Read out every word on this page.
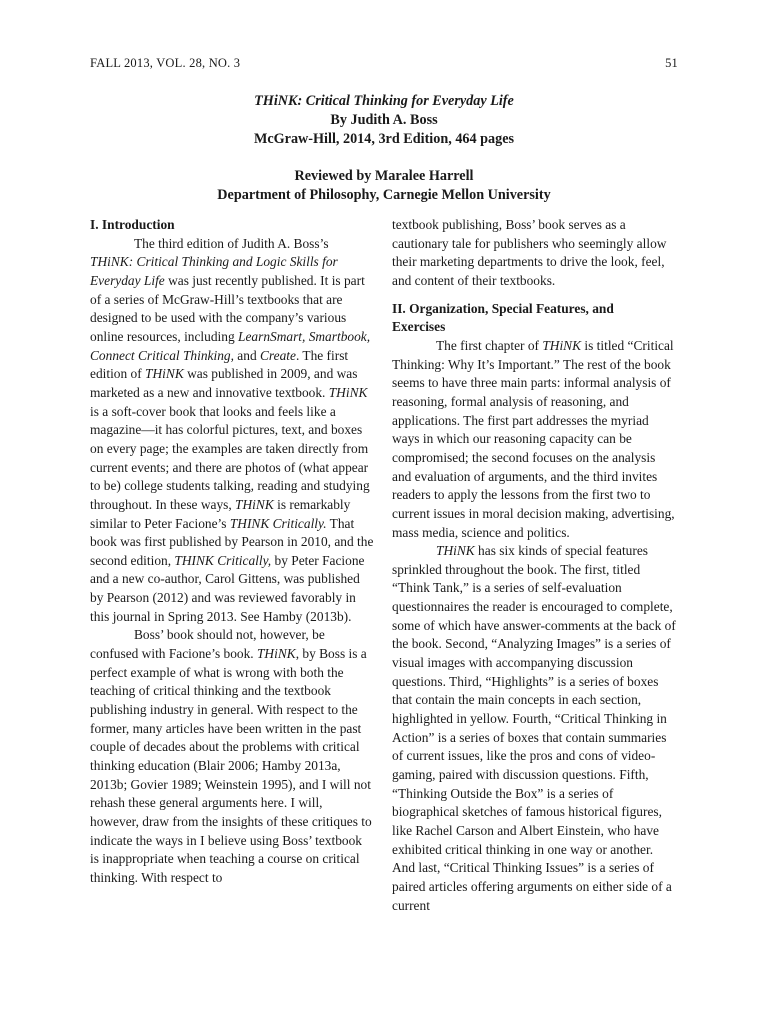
FALL 2013, VOL. 28, NO. 3	51
THiNK: Critical Thinking for Everyday Life
By Judith A. Boss
McGraw-Hill, 2014, 3rd Edition, 464 pages
Reviewed by Maralee Harrell
Department of Philosophy, Carnegie Mellon University

I. Introduction

The third edition of Judith A. Boss’s THiNK: Critical Thinking and Logic Skills for Everyday Life was just recently published. It is part of a series of McGraw-Hill’s textbooks that are designed to be used with the company’s various online resources, including LearnSmart, Smartbook, Connect Critical Thinking, and Create. The first edition of THiNK was published in 2009, and was marketed as a new and innovative textbook. THiNK is a soft-cover book that looks and feels like a magazine—it has colorful pictures, text, and boxes on every page; the examples are taken directly from current events; and there are photos of (what appear to be) college students talking, reading and studying throughout. In these ways, THiNK is remarkably similar to Peter Facione’s THINK Critically. That book was first published by Pearson in 2010, and the second edition, THINK Critically, by Peter Facione and a new co-author, Carol Gittens, was published by Pearson (2012) and was reviewed favorably in this journal in Spring 2013. See Hamby (2013b).

Boss’ book should not, however, be confused with Facione’s book. THiNK, by Boss is a perfect example of what is wrong with both the teaching of critical thinking and the textbook publishing industry in general. With respect to the former, many articles have been written in the past couple of decades about the problems with critical thinking education (Blair 2006; Hamby 2013a, 2013b; Govier 1989; Weinstein 1995), and I will not rehash these general arguments here. I will, however, draw from the insights of these critiques to indicate the ways in I believe using Boss’ textbook is inappropriate when teaching a course on critical thinking. With respect to

textbook publishing, Boss’ book serves as a cautionary tale for publishers who seemingly allow their marketing departments to drive the look, feel, and content of their textbooks.

II. Organization, Special Features, and
Exercises

The first chapter of THiNK is titled “Critical Thinking: Why It’s Important.” The rest of the book seems to have three main parts: informal analysis of reasoning, formal analysis of reasoning, and applications. The first part addresses the myriad ways in which our reasoning capacity can be compromised; the second focuses on the analysis and evaluation of arguments, and the third invites readers to apply the lessons from the first two to current issues in moral decision making, advertising, mass media, science and politics.

THiNK has six kinds of special features sprinkled throughout the book. The first, titled “Think Tank,” is a series of self-evaluation questionnaires the reader is encouraged to complete, some of which have answer-comments at the back of the book. Second, “Analyzing Images” is a series of visual images with accompanying discussion questions. Third, “Highlights” is a series of boxes that contain the main concepts in each section, highlighted in yellow. Fourth, “Critical Thinking in Action” is a series of boxes that contain summaries of current issues, like the pros and cons of video-gaming, paired with discussion questions. Fifth, “Thinking Outside the Box” is a series of biographical sketches of famous historical figures, like Rachel Carson and Albert Einstein, who have exhibited critical thinking in one way or another. And last, “Critical Thinking Issues” is a series of paired articles offering arguments on either side of a current
